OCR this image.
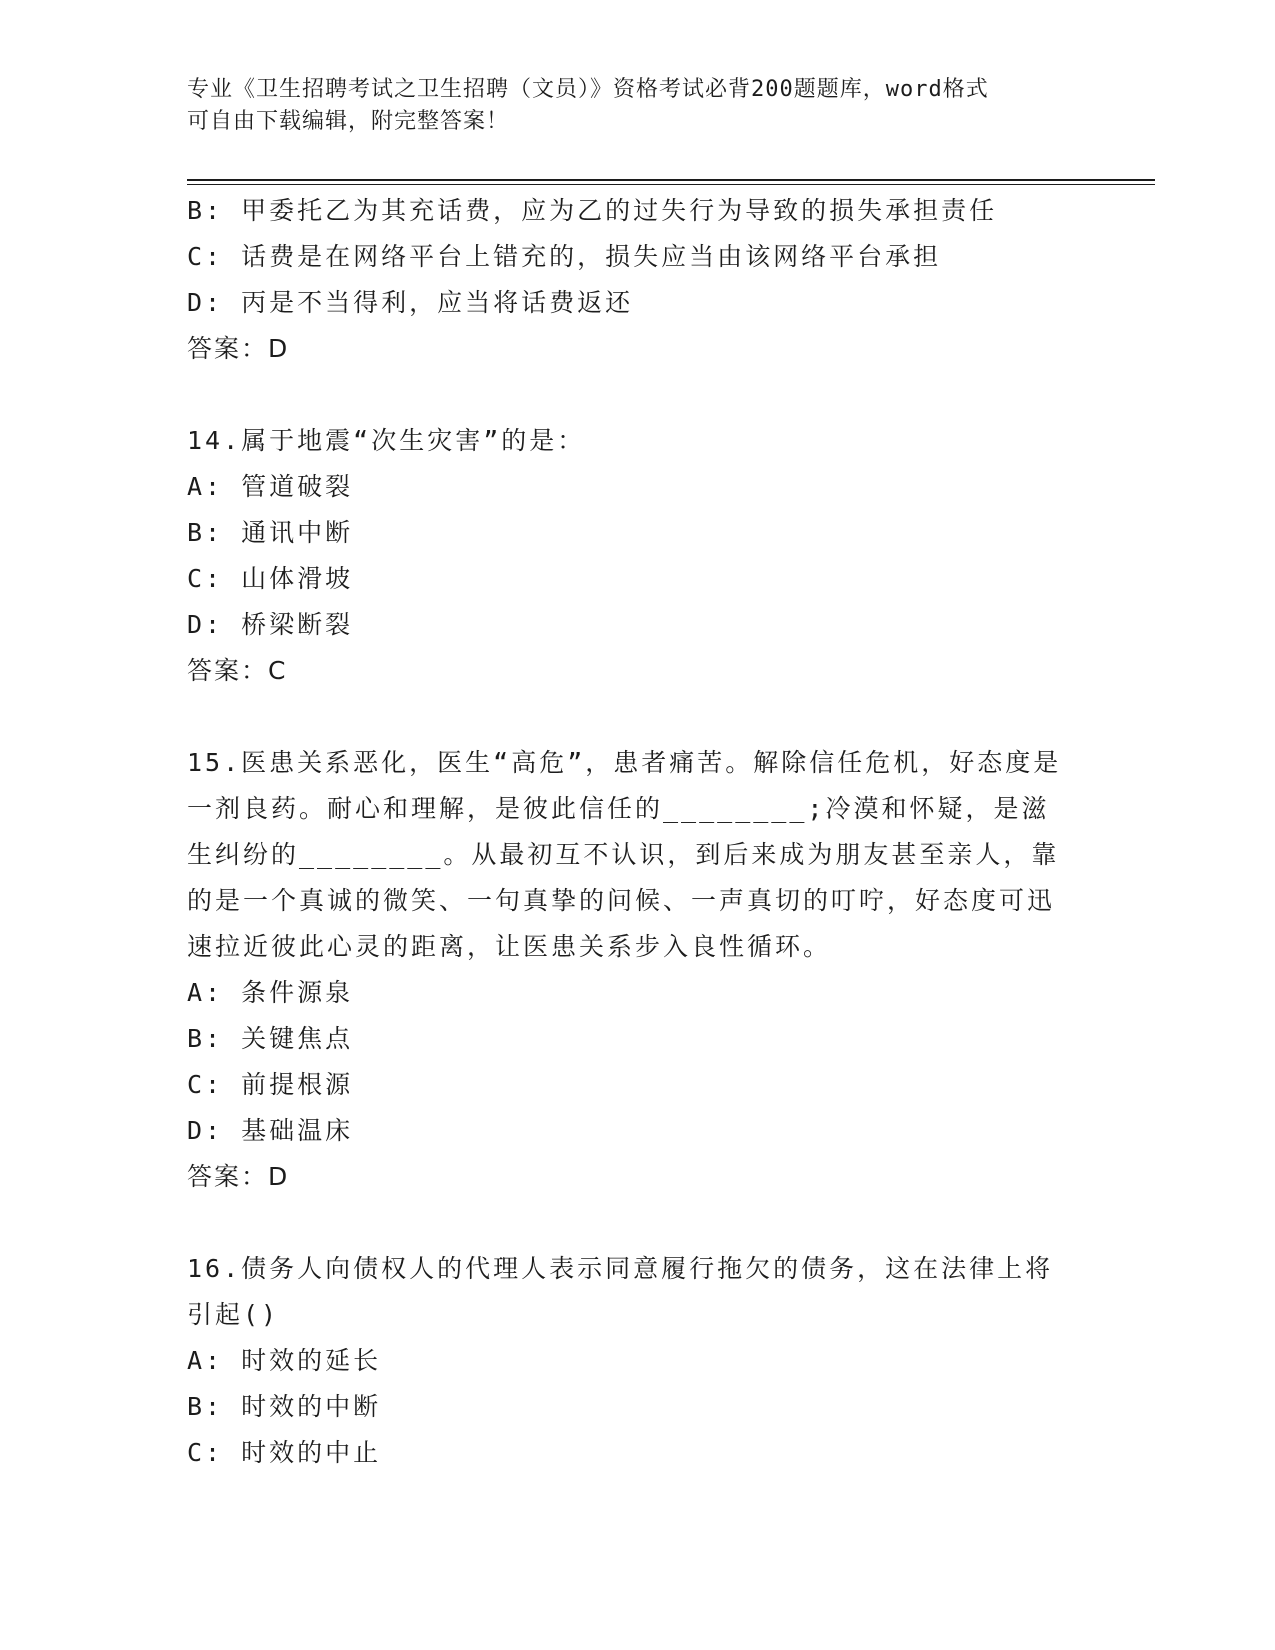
专业《卫生招聘考试之卫生招聘（文员）》资格考试必背200题题库，word格式
可自由下载编辑，附完整答案！
B: 甲委托乙为其充话费，应为乙的过失行为导致的损失承担责任
C: 话费是在网络平台上错充的，损失应当由该网络平台承担
D: 丙是不当得利，应当将话费返还
答案：D
14.属于地震“次生灾害”的是：
A: 管道破裂
B: 通讯中断
C: 山体滑坡
D: 桥梁断裂
答案：C
15.医患关系恶化，医生“高危”，患者痛苦。解除信任危机，好态度是一剂良药。耐心和理解，是彼此信任的________;冷漠和怀疑，是滋生纠纷的________。从最初互不认识，到后来成为朋友甚至亲人，靠的是一个真诚的微笑、一句真挚的问候、一声真切的叮咛，好态度可迅速拉近彼此心灵的距离，让医患关系步入良性循环。
A: 条件源泉
B: 关键焦点
C: 前提根源
D: 基础温床
答案：D
16.债务人向债权人的代理人表示同意履行拖欠的债务，这在法律上将引起()
A: 时效的延长
B: 时效的中断
C: 时效的中止
